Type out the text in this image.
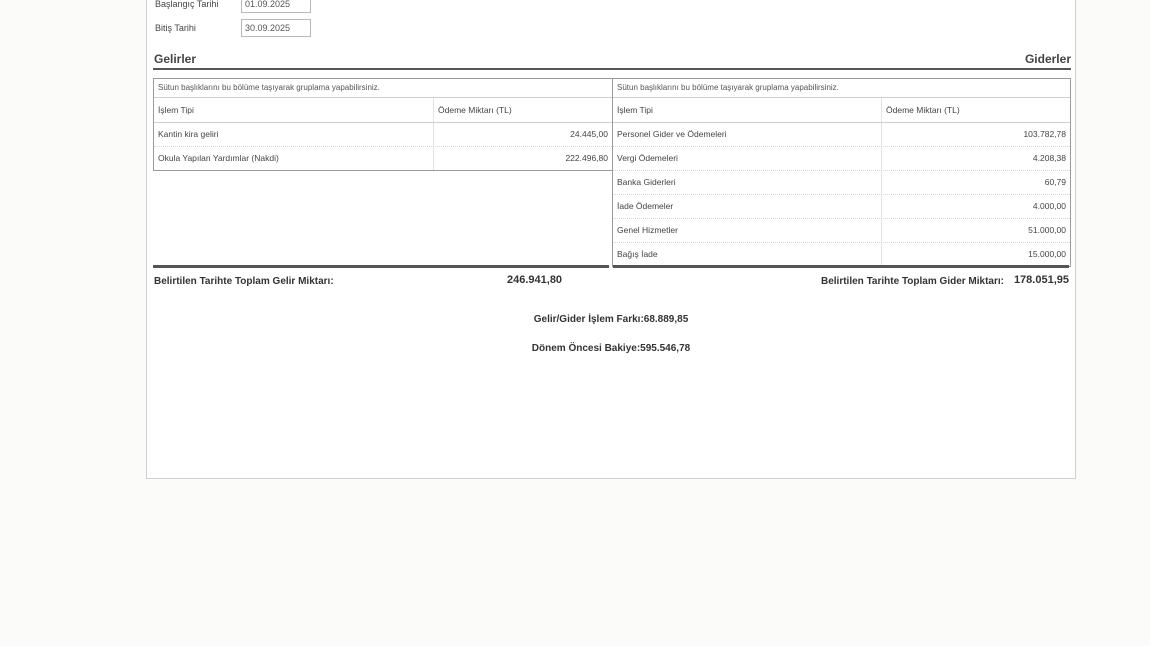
Başlangıç Tarihi	01.09.2025
Bitiş Tarihi	30.09.2025
Gelirler	Giderler
Sütun başlıklarını bu bölüme taşıyarak gruplama yapabilirsiniz.
İşlem Tipi	Ödeme Miktarı (TL)
Kantin kira geliri	24.445,00
Okula Yapılan Yardımlar (Nakdi)	222.496,80
Sütun başlıklarını bu bölüme taşıyarak gruplama yapabilirsiniz.
İşlem Tipi	Ödeme Miktarı (TL)
Personel Gider ve Ödemeleri	103.782,78
Vergi Ödemeleri	4.208,38
Banka Giderleri	60,79
İade Ödemeler	4.000,00
Genel Hizmetler	51.000,00
Bağış İade	15.000,00
Belirtilen Tarihte Toplam Gelir Miktarı:	246.941,80	Belirtilen Tarihte Toplam Gider Miktarı: 178.051,95
Gelir/Gider İşlem Farkı:68.889,85
Dönem Öncesi Bakiye:595.546,78
